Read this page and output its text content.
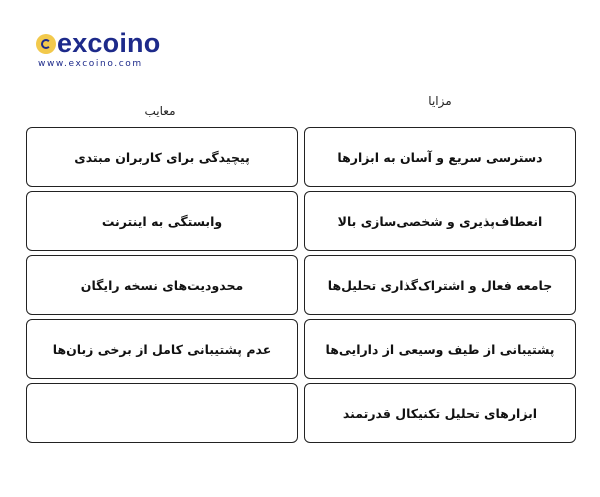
excoino
www.excoino.com
مزایا
معایب
دسترسی سریع و آسان به ابزارها
انعطاف‌پذیری و شخصی‌سازی بالا
جامعه فعال و اشتراک‌گذاری تحلیل‌ها
پشتیبانی از طیف وسیعی از دارایی‌ها
ابزارهای تحلیل تکنیکال قدرتمند
پیچیدگی برای کاربران مبتدی
وابستگی به اینترنت
محدودیت‌های نسخه رایگان
عدم پشتیبانی کامل از برخی زبان‌ها
